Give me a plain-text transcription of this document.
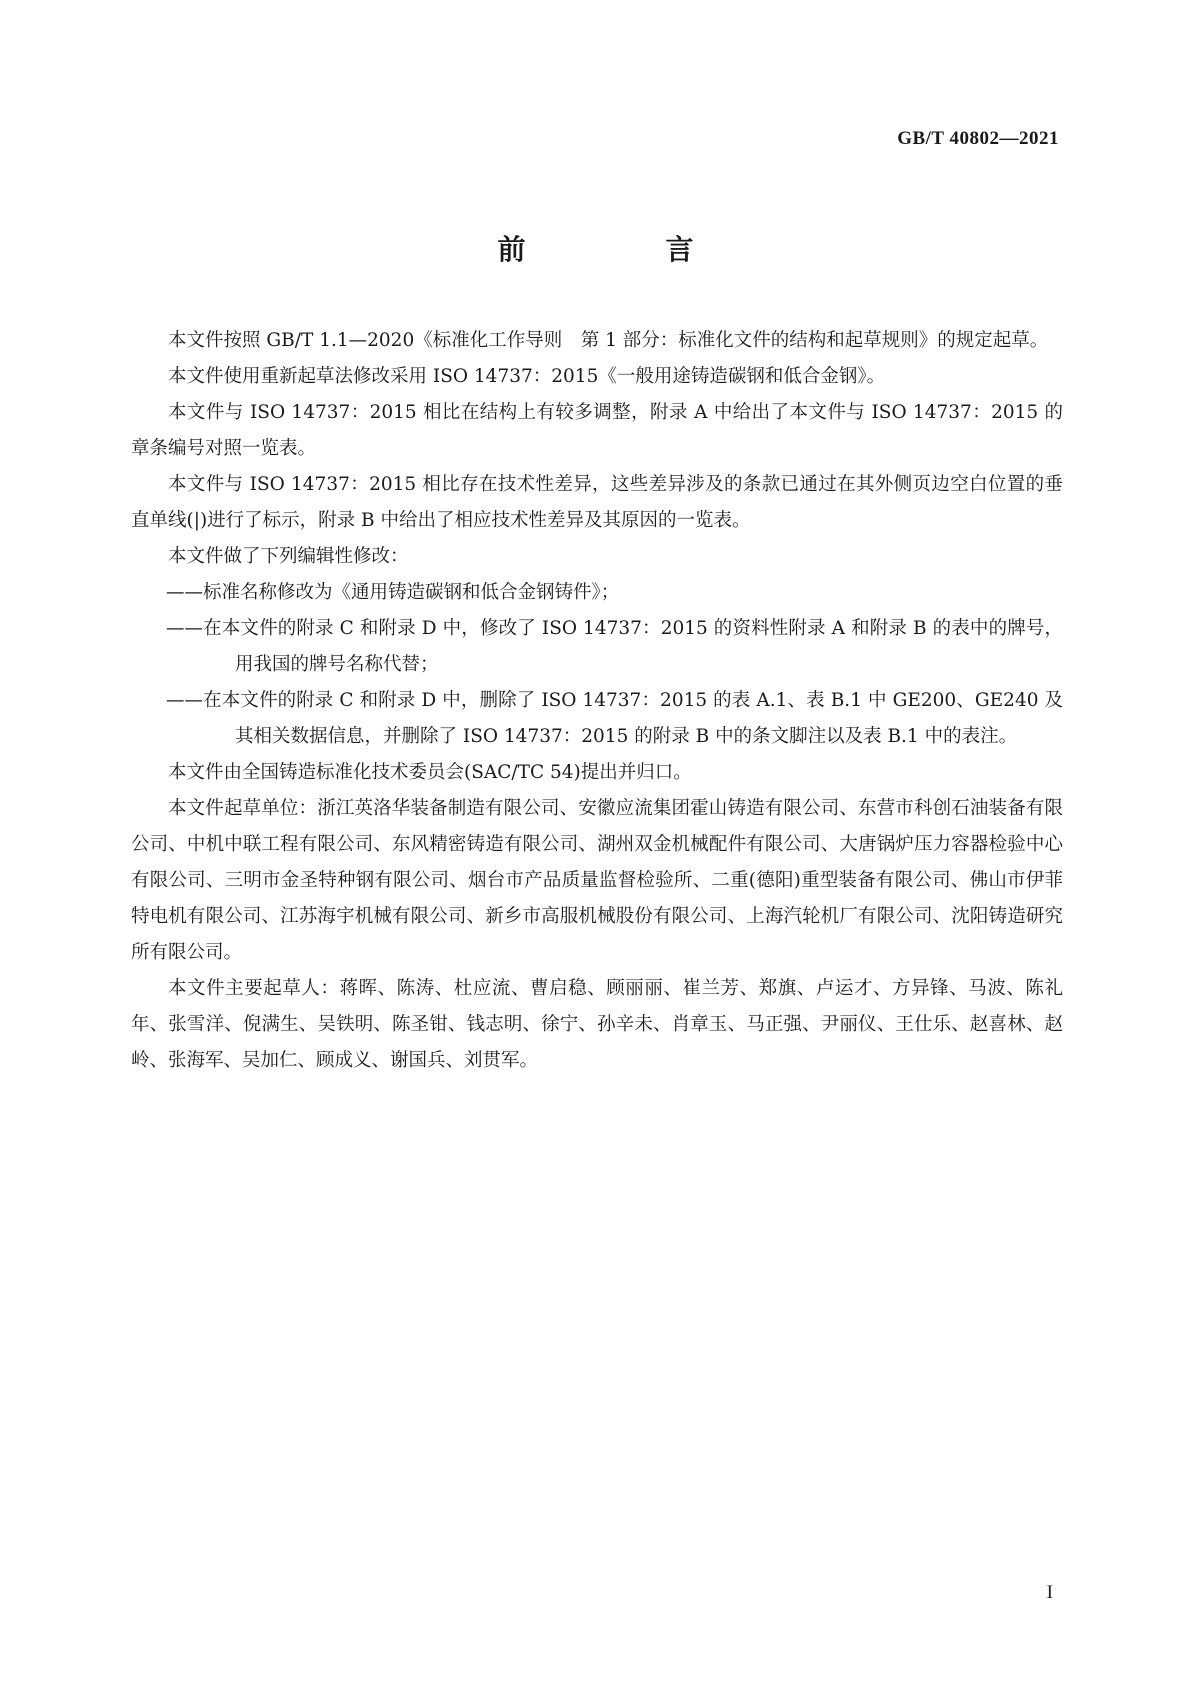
GB/T 40802—2021
前　言

本文件按照 GB/T 1.1—2020《标准化工作导则　第 1 部分：标准化文件的结构和起草规则》的规定起草。

本文件使用重新起草法修改采用 ISO 14737：2015《一般用途铸造碳钢和低合金钢》。

本文件与 ISO 14737：2015 相比在结构上有较多调整，附录 A 中给出了本文件与 ISO 14737：2015 的章条编号对照一览表。

本文件与 ISO 14737：2015 相比存在技术性差异，这些差异涉及的条款已通过在其外侧页边空白位置的垂直单线(|)进行了标示，附录 B 中给出了相应技术性差异及其原因的一览表。

本文件做了下列编辑性修改：

——标准名称修改为《通用铸造碳钢和低合金钢铸件》；

——在本文件的附录 C 和附录 D 中，修改了 ISO 14737：2015 的资料性附录 A 和附录 B 的表中的牌号，用我国的牌号名称代替；

——在本文件的附录 C 和附录 D 中，删除了 ISO 14737：2015 的表 A.1、表 B.1 中 GE200、GE240 及其相关数据信息，并删除了 ISO 14737：2015 的附录 B 中的条文脚注以及表 B.1 中的表注。

本文件由全国铸造标准化技术委员会(SAC/TC 54)提出并归口。

本文件起草单位：浙江英洛华装备制造有限公司、安徽应流集团霍山铸造有限公司、东营市科创石油装备有限公司、中机中联工程有限公司、东风精密铸造有限公司、湖州双金机械配件有限公司、大唐锅炉压力容器检验中心有限公司、三明市金圣特种钢有限公司、烟台市产品质量监督检验所、二重(德阳)重型装备有限公司、佛山市伊菲特电机有限公司、江苏海宇机械有限公司、新乡市高服机械股份有限公司、上海汽轮机厂有限公司、沈阳铸造研究所有限公司。

本文件主要起草人：蒋晖、陈涛、杜应流、曹启稳、顾丽丽、崔兰芳、郑旗、卢运才、方异锋、马波、陈礼年、张雪洋、倪满生、吴铁明、陈圣钳、钱志明、徐宁、孙辛未、肖章玉、马正强、尹丽仪、王仕乐、赵喜林、赵岭、张海军、吴加仁、顾成义、谢国兵、刘贯军。

I
